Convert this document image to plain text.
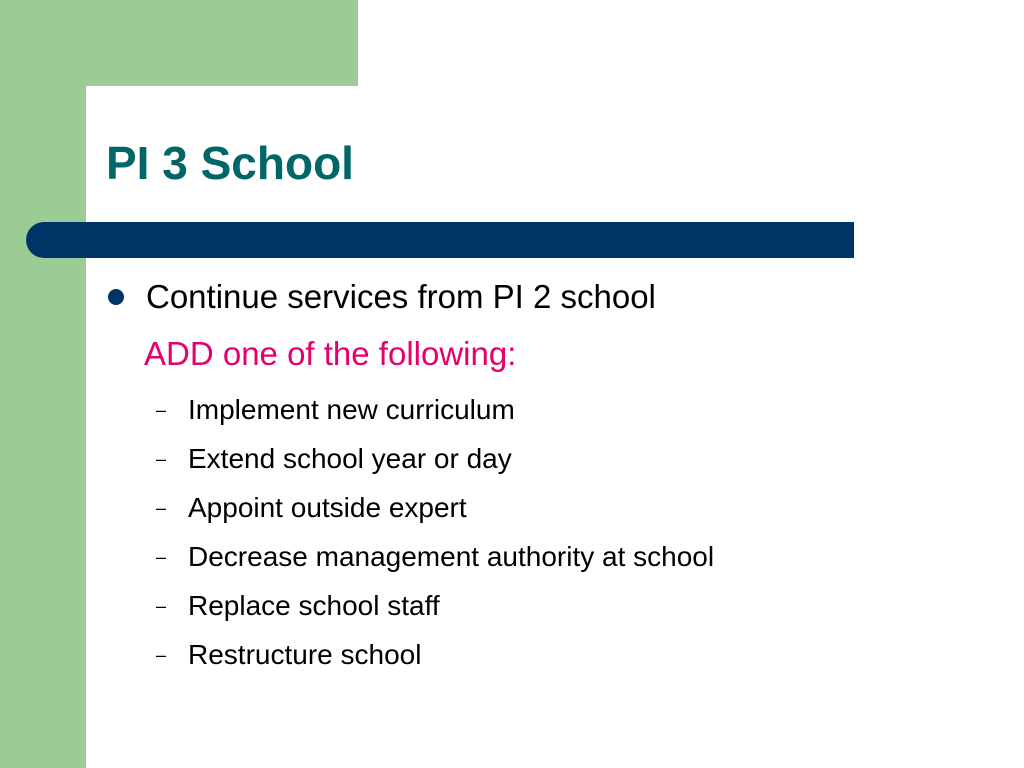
PI 3 School
Continue services from PI 2 school
ADD one of the following:
– Implement new curriculum
– Extend school year or day
– Appoint outside expert
– Decrease management authority at school
– Replace school staff
– Restructure school
